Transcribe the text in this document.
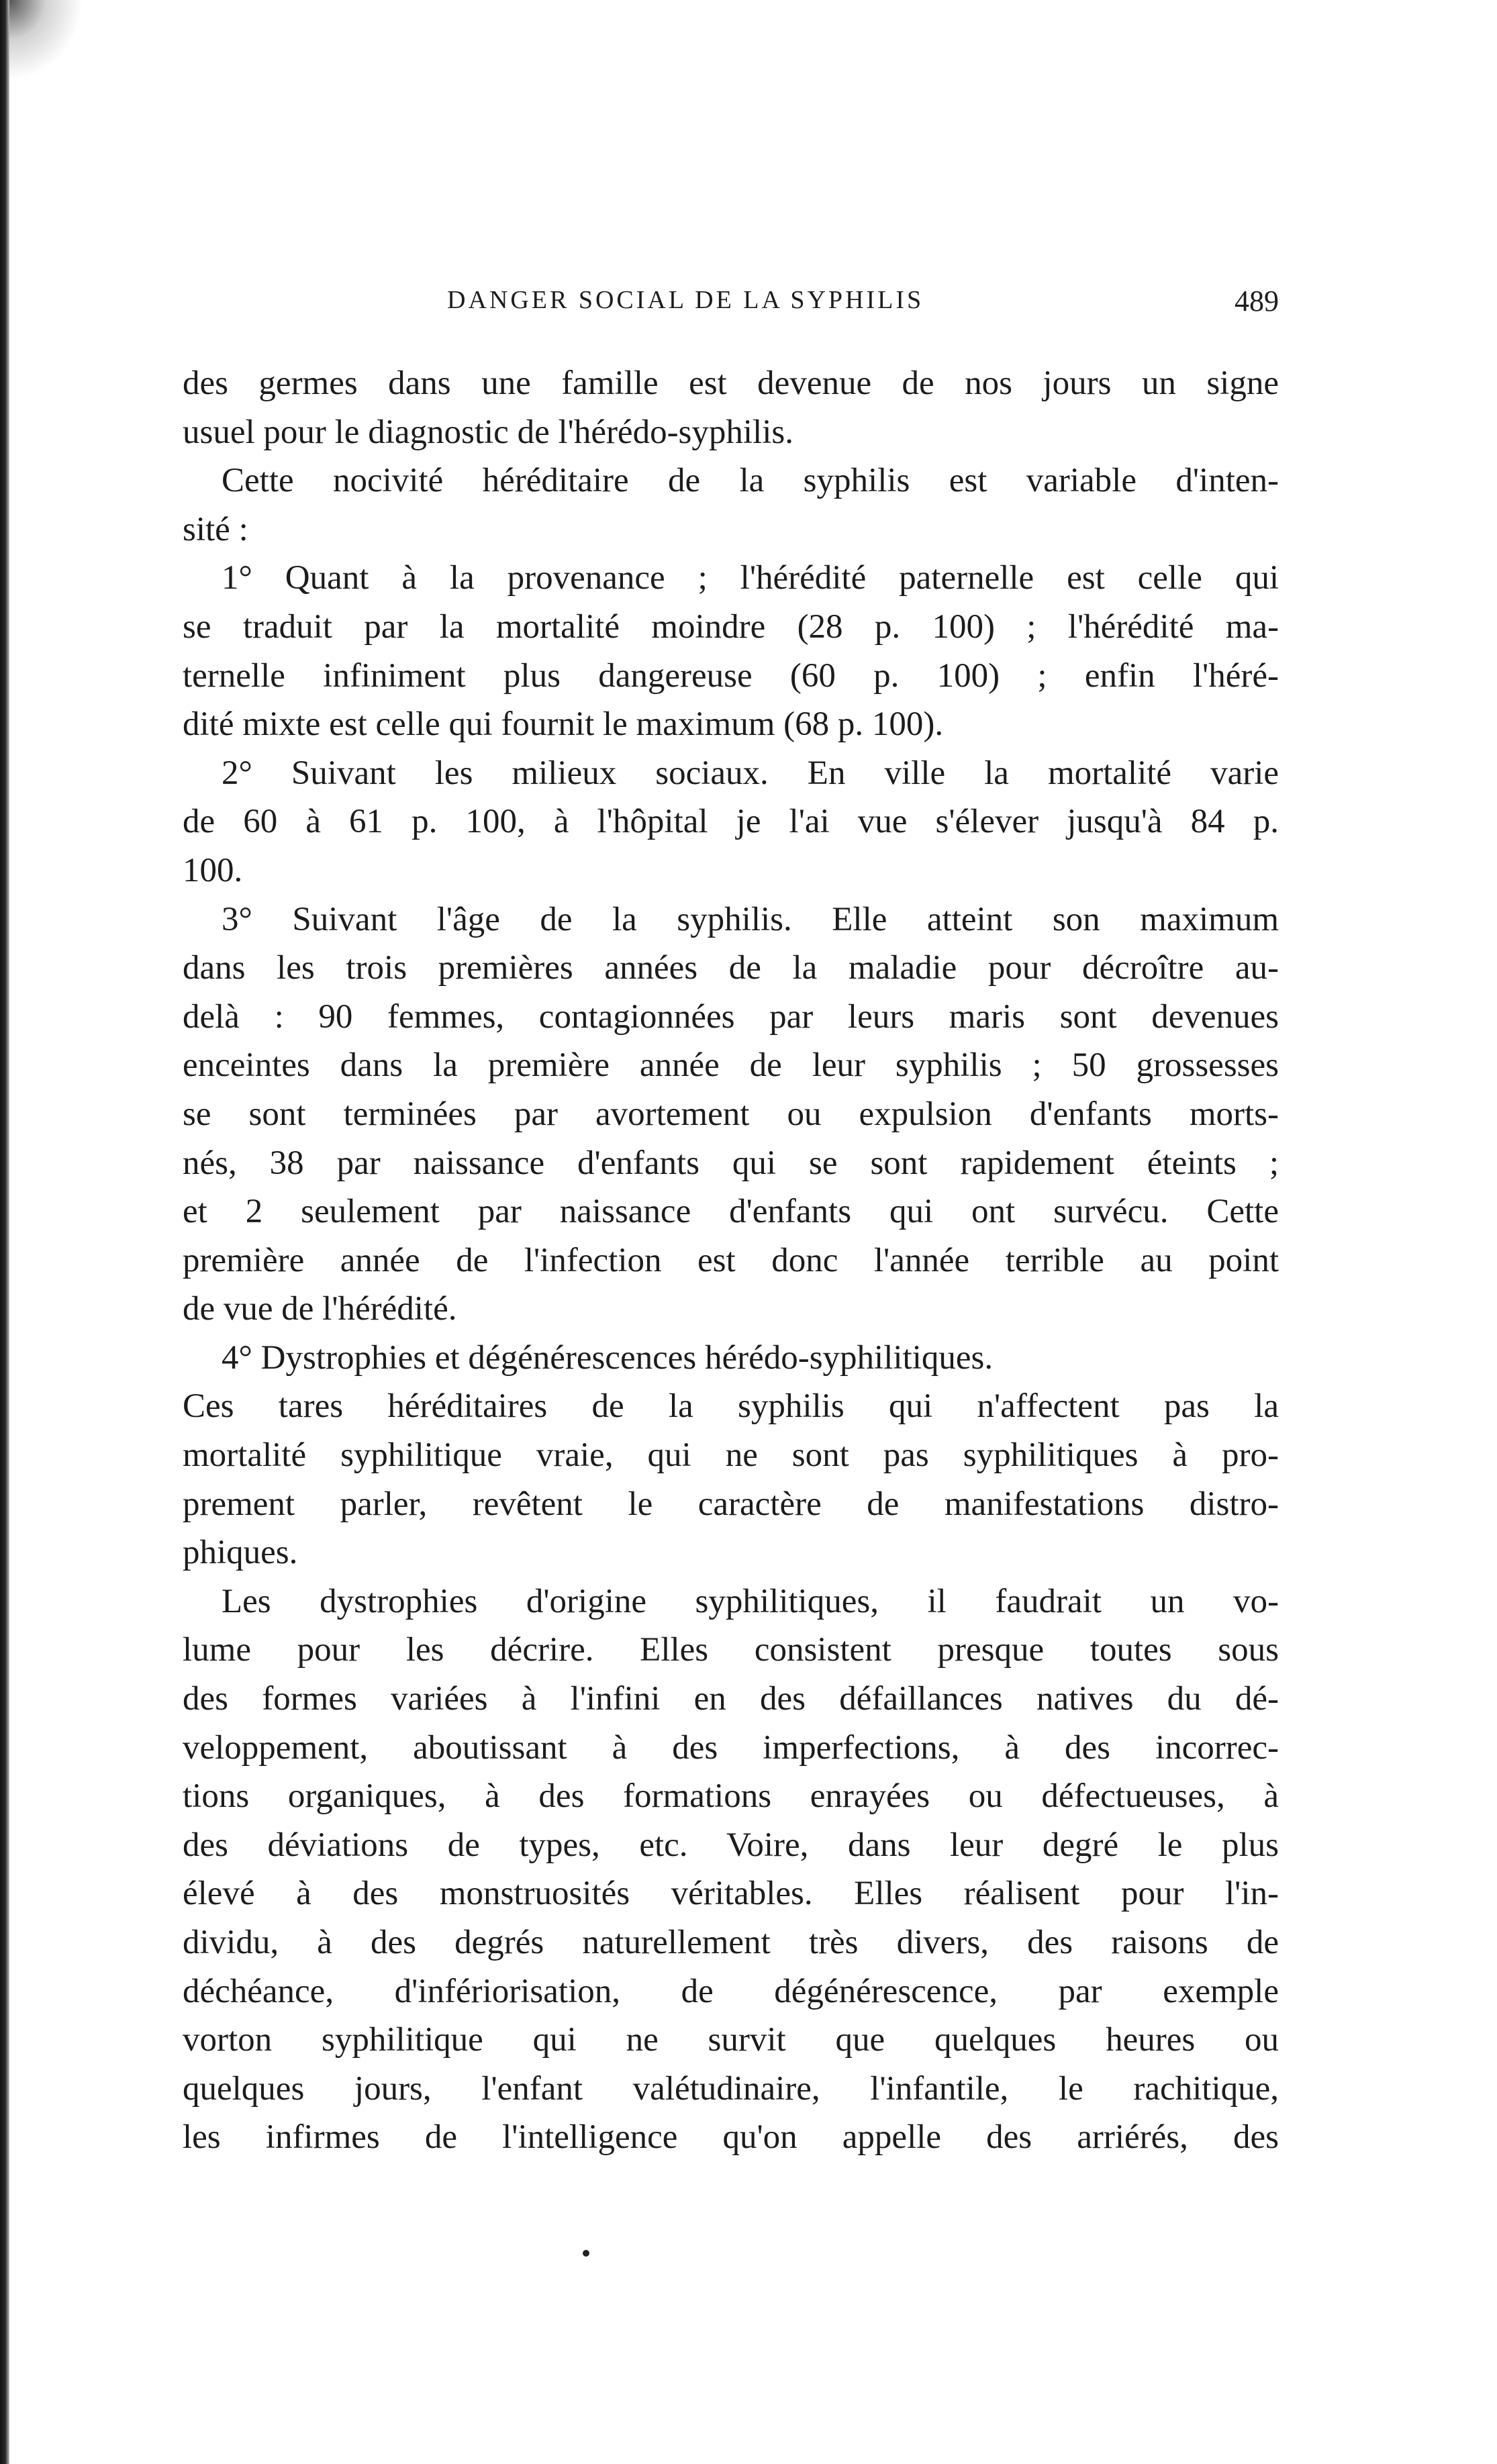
DANGER SOCIAL DE LA SYPHILIS	489
des germes dans une famille est devenue de nos jours un signe
usuel pour le diagnostic de l'hérédo-syphilis.
Cette nocivité héréditaire de la syphilis est variable d'inten-
sité :
1° Quant à la provenance ; l'hérédité paternelle est celle qui
se traduit par la mortalité moindre (28 p. 100) ; l'hérédité ma-
ternelle infiniment plus dangereuse (60 p. 100) ; enfin l'héré-
dité mixte est celle qui fournit le maximum (68 p. 100).
2° Suivant les milieux sociaux. En ville la mortalité varie
de 60 à 61 p. 100, à l'hôpital je l'ai vue s'élever jusqu'à 84 p.
100.
3° Suivant l'âge de la syphilis. Elle atteint son maximum
dans les trois premières années de la maladie pour décroître au-
delà : 90 femmes, contagionnées par leurs maris sont devenues
enceintes dans la première année de leur syphilis ; 50 grossesses
se sont terminées par avortement ou expulsion d'enfants morts-
nés, 38 par naissance d'enfants qui se sont rapidement éteints ;
et 2 seulement par naissance d'enfants qui ont survécu. Cette
première année de l'infection est donc l'année terrible au point
de vue de l'hérédité.
4° Dystrophies et dégénérescences hérédo-syphilitiques.
Ces tares héréditaires de la syphilis qui n'affectent pas la
mortalité syphilitique vraie, qui ne sont pas syphilitiques à pro-
prement parler, revêtent le caractère de manifestations distro-
phiques.
Les dystrophies d'origine syphilitiques, il faudrait un vo-
lume pour les décrire. Elles consistent presque toutes sous
des formes variées à l'infini en des défaillances natives du dé-
veloppement, aboutissant à des imperfections, à des incorrec-
tions organiques, à des formations enrayées ou défectueuses, à
des déviations de types, etc. Voire, dans leur degré le plus
élevé à des monstruosités véritables. Elles réalisent pour l'in-
dividu, à des degrés naturellement très divers, des raisons de
déchéance, d'infériorisation, de dégénérescence, par exemple
vorton syphilitique qui ne survit que quelques heures ou
quelques jours, l'enfant valétudinaire, l'infantile, le rachitique,
les infirmes de l'intelligence qu'on appelle des arriérés, des
